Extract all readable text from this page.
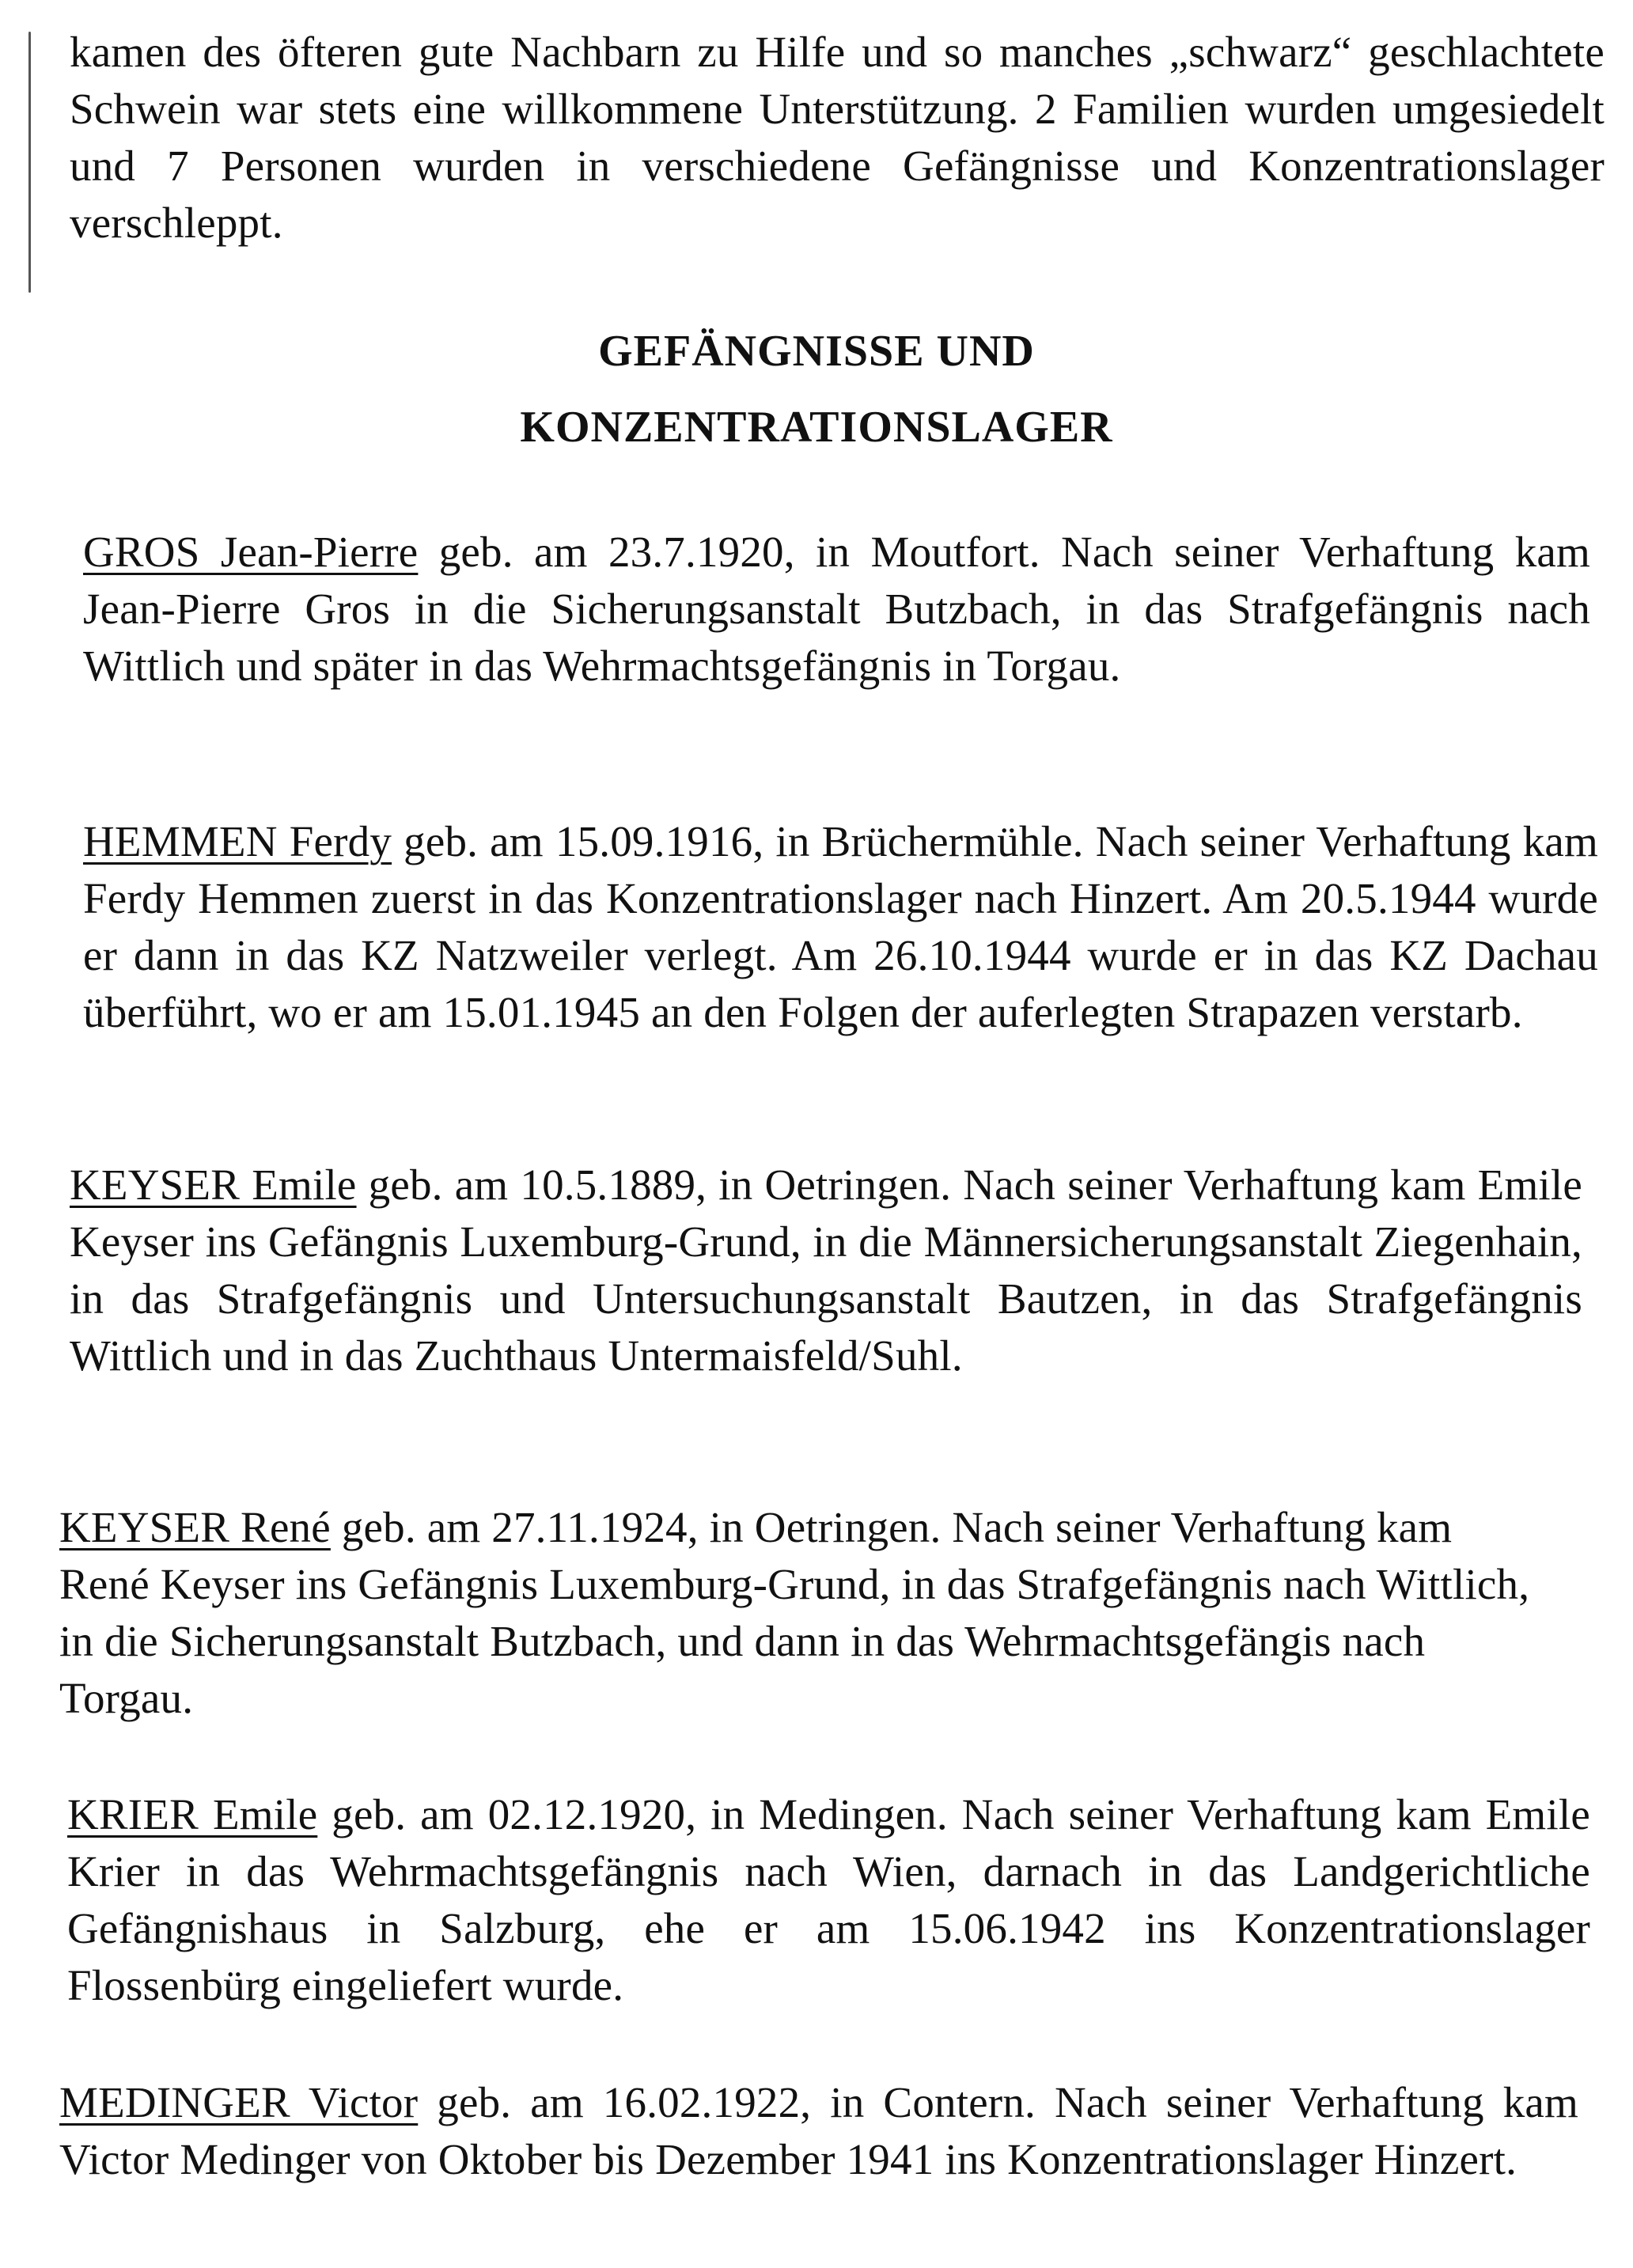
kamen des öfteren gute Nachbarn zu Hilfe und so manches „schwarz“ geschlachtete Schwein war stets eine willkommene Unterstützung. 2 Familien wurden umgesiedelt und 7 Personen wurden in verschiedene Gefängnisse und Konzentrationslager verschleppt.

GEFÄNGNISSE UND
KONZENTRATIONSLAGER

GROS Jean-Pierre geb. am 23.7.1920, in Moutfort. Nach seiner Verhaftung kam Jean-Pierre Gros in die Sicherungsanstalt Butzbach, in das Strafgefängnis nach Wittlich und später in das Wehrmachtsgefängnis in Torgau.

HEMMEN Ferdy geb. am 15.09.1916, in Brüchermühle. Nach seiner Verhaftung kam Ferdy Hemmen zuerst in das Konzentrationslager nach Hinzert. Am 20.5.1944 wurde er dann in das KZ Natzweiler verlegt. Am 26.10.1944 wurde er in das KZ Dachau überführt, wo er am 15.01.1945 an den Folgen der auferlegten Strapazen verstarb.

KEYSER Emile geb. am 10.5.1889, in Oetringen. Nach seiner Verhaftung kam Emile Keyser ins Gefängnis Luxemburg-Grund, in die Männersicherungsanstalt Ziegenhain, in das Strafgefängnis und Untersuchungsanstalt Bautzen, in das Strafgefängnis Wittlich und in das Zuchthaus Untermaisfeld/Suhl.

KEYSER René geb. am 27.11.1924, in Oetringen. Nach seiner Verhaftung kam René Keyser ins Gefängnis Luxemburg-Grund, in das Strafgefängnis nach Wittlich, in die Sicherungsanstalt Butzbach, und dann in das Wehrmachtsgefängis nach Torgau.

KRIER Emile geb. am 02.12.1920, in Medingen. Nach seiner Verhaftung kam Emile Krier in das Wehrmachtsgefängnis nach Wien, darnach in das Landgerichtliche Gefängnishaus in Salzburg, ehe er am 15.06.1942 ins Konzentrationslager Flossenbürg eingeliefert wurde.

MEDINGER Victor geb. am 16.02.1922, in Contern. Nach seiner Verhaftung kam Victor Medinger von Oktober bis Dezember 1941 ins Konzentrationslager Hinzert.
